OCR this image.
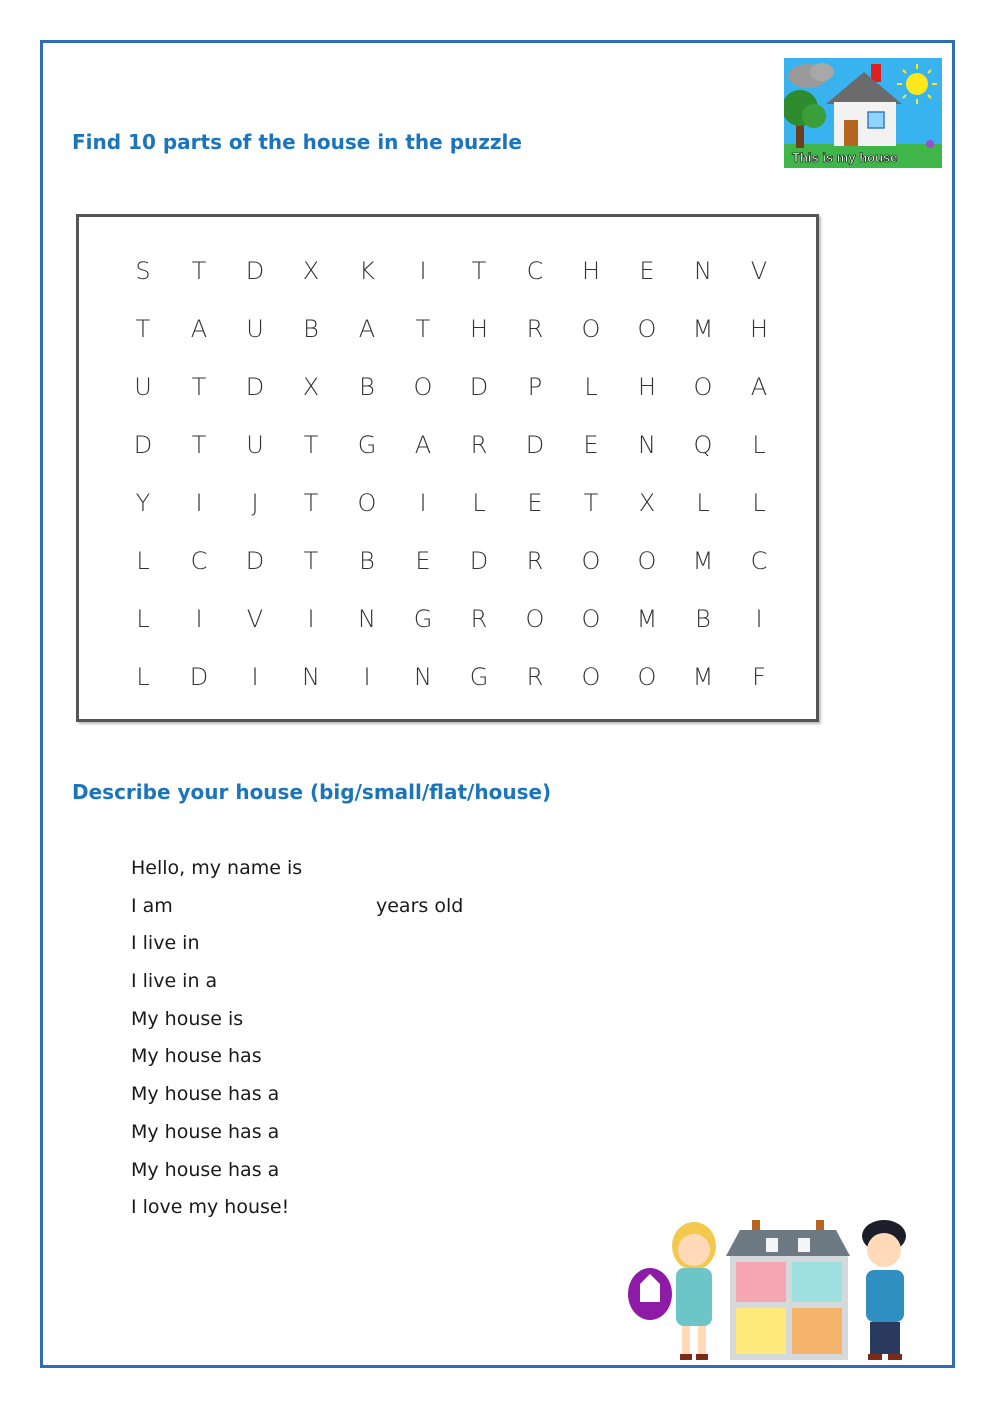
Find 10 parts of the house in the puzzle
This is my house
S	T	D	X	K	I	T	C	H	E	N	V
T	A	U	B	A	T	H	R	O	O	M	H
U	T	D	X	B	O	D	P	L	H	O	A
D	T	U	T	G	A	R	D	E	N	Q	L
Y	I	J	T	O	I	L	E	T	X	L	L
L	C	D	T	B	E	D	R	O	O	M	C
L	I	V	I	N	G	R	O	O	M	B	I
L	D	I	N	I	N	G	R	O	O	M	F
Describe your house (big/small/flat/house)
Hello, my name is
I am	years old
I live in
I live in a
My house is
My house has
My house has a
My house has a
My house has a
I love my house!
